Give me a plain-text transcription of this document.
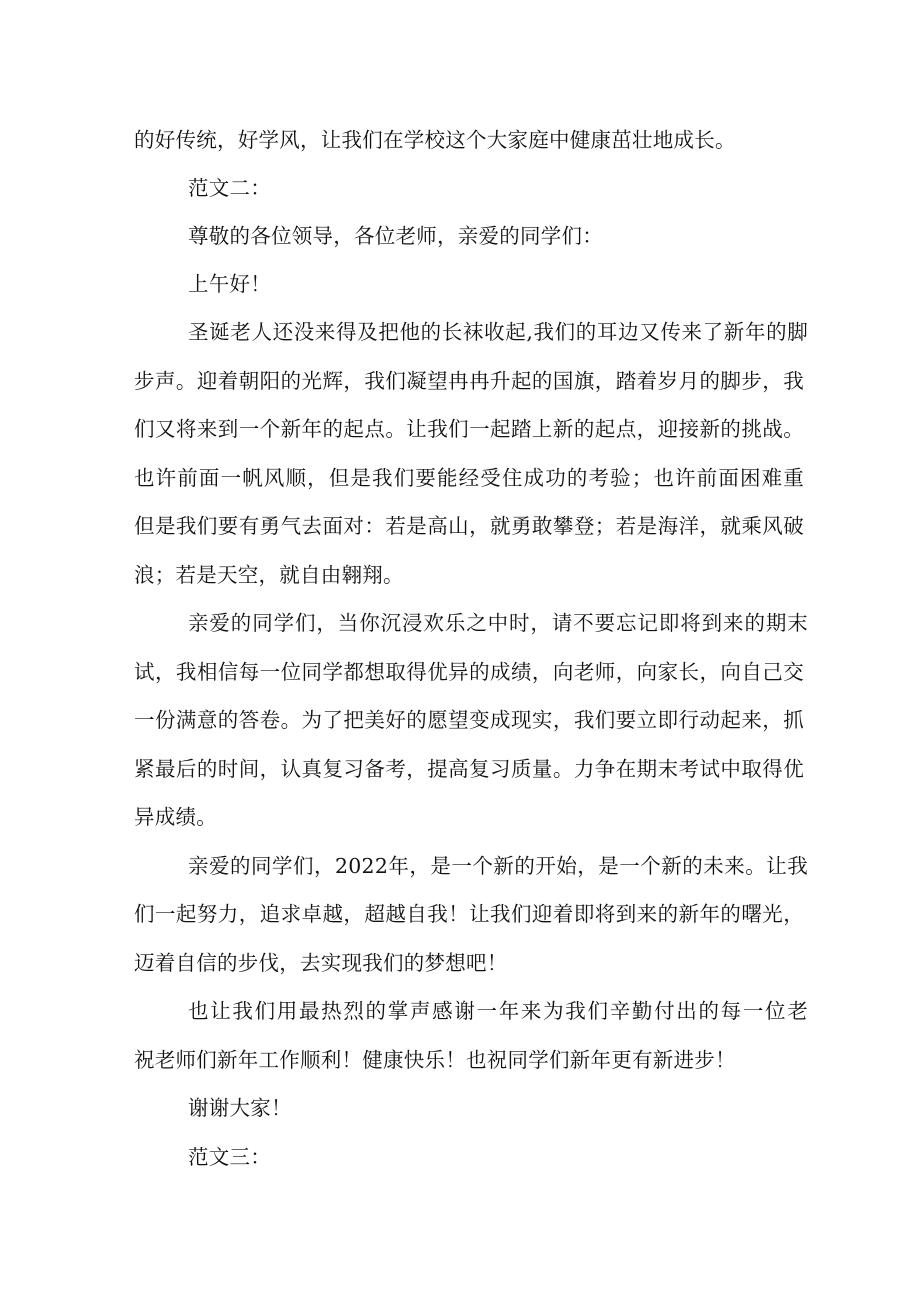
的好传统，好学风，让我们在学校这个大家庭中健康茁壮地成长。
范文二：
尊敬的各位领导，各位老师，亲爱的同学们：
上午好！
圣诞老人还没来得及把他的长袜收起,我们的耳边又传来了新年的脚
步声。迎着朝阳的光辉，我们凝望冉冉升起的国旗，踏着岁月的脚步，我
们又将来到一个新年的起点。让我们一起踏上新的起点，迎接新的挑战。
也许前面一帆风顺，但是我们要能经受住成功的考验；也许前面困难重
但是我们要有勇气去面对：若是高山，就勇敢攀登；若是海洋，就乘风破
浪；若是天空，就自由翱翔。
亲爱的同学们，当你沉浸欢乐之中时，请不要忘记即将到来的期末
试，我相信每一位同学都想取得优异的成绩，向老师，向家长，向自己交
一份满意的答卷。为了把美好的愿望变成现实，我们要立即行动起来，抓
紧最后的时间，认真复习备考，提高复习质量。力争在期末考试中取得优
异成绩。
亲爱的同学们，2022年，是一个新的开始，是一个新的未来。让我
们一起努力，追求卓越，超越自我！让我们迎着即将到来的新年的曙光，
迈着自信的步伐，去实现我们的梦想吧！
也让我们用最热烈的掌声感谢一年来为我们辛勤付出的每一位老
祝老师们新年工作顺利！健康快乐！也祝同学们新年更有新进步！
谢谢大家！
范文三：
